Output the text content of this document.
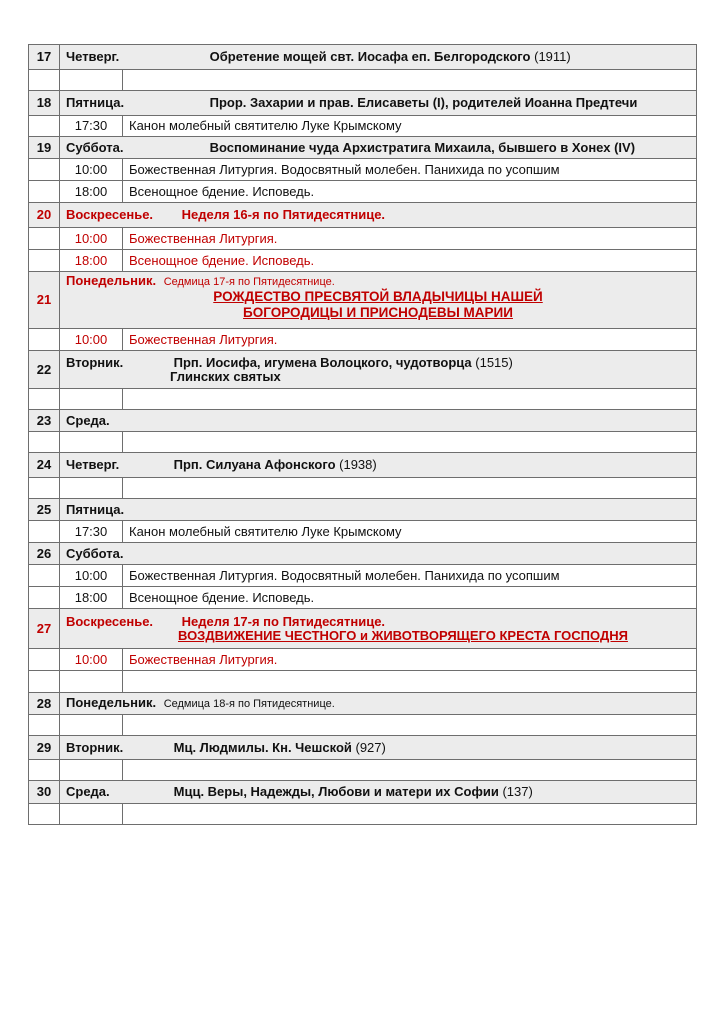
17	Четверг. Обретение мощей свт. Иосафа еп. Белгородского (1911)	

18	Пятница. Прор. Захарии и прав. Елисаветы (I), родителей Иоанна Предтечи	
	17:30	Канон молебный святителю Луке Крымскому
19	Суббота. Воспоминание чуда Архистратига Михаила, бывшего в Хонех (IV)	
	10:00	Божественная Литургия. Водосвятный молебен. Панихида по усопшим
	18:00	Всенощное бдение. Исповедь.
20	Воскресенье. Неделя 16-я по Пятидесятнице.	
	10:00	Божественная Литургия.
	18:00	Всенощное бдение. Исповедь.
21	Понедельник. Седмица 17-я по Пятидесятнице.
РОЖДЕСТВО ПРЕСВЯТОЙ ВЛАДЫЧИЦЫ НАШЕЙ
БОГОРОДИЦЫ И ПРИСНОДЕВЫ МАРИИ	

	10:00	Божественная Литургия.
22	Вторник. Прп. Иосифа, игумена Волоцкого, чудотворца (1515)
Глинских святых	

23	Среда.	

24	Четверг. Прп. Силуана Афонского (1938)	

25	Пятница.	
	17:30	Канон молебный святителю Луке Крымскому
26	Суббота.	
	10:00	Божественная Литургия. Водосвятный молебен. Панихида по усопшим
	18:00	Всенощное бдение. Исповедь.
27	Воскресенье. Неделя 17-я по Пятидесятнице.
ВОЗДВИЖЕНИЕ ЧЕСТНОГО и ЖИВОТВОРЯЩЕГО КРЕСТА ГОСПОДНЯ	

	10:00	Божественная Литургия.

28	Понедельник. Седмица 18-я по Пятидесятнице.	

29	Вторник. Мц. Людмилы. Кн. Чешской (927)	

30	Среда. Мцц. Веры, Надежды, Любови и матери их Софии (137)	
